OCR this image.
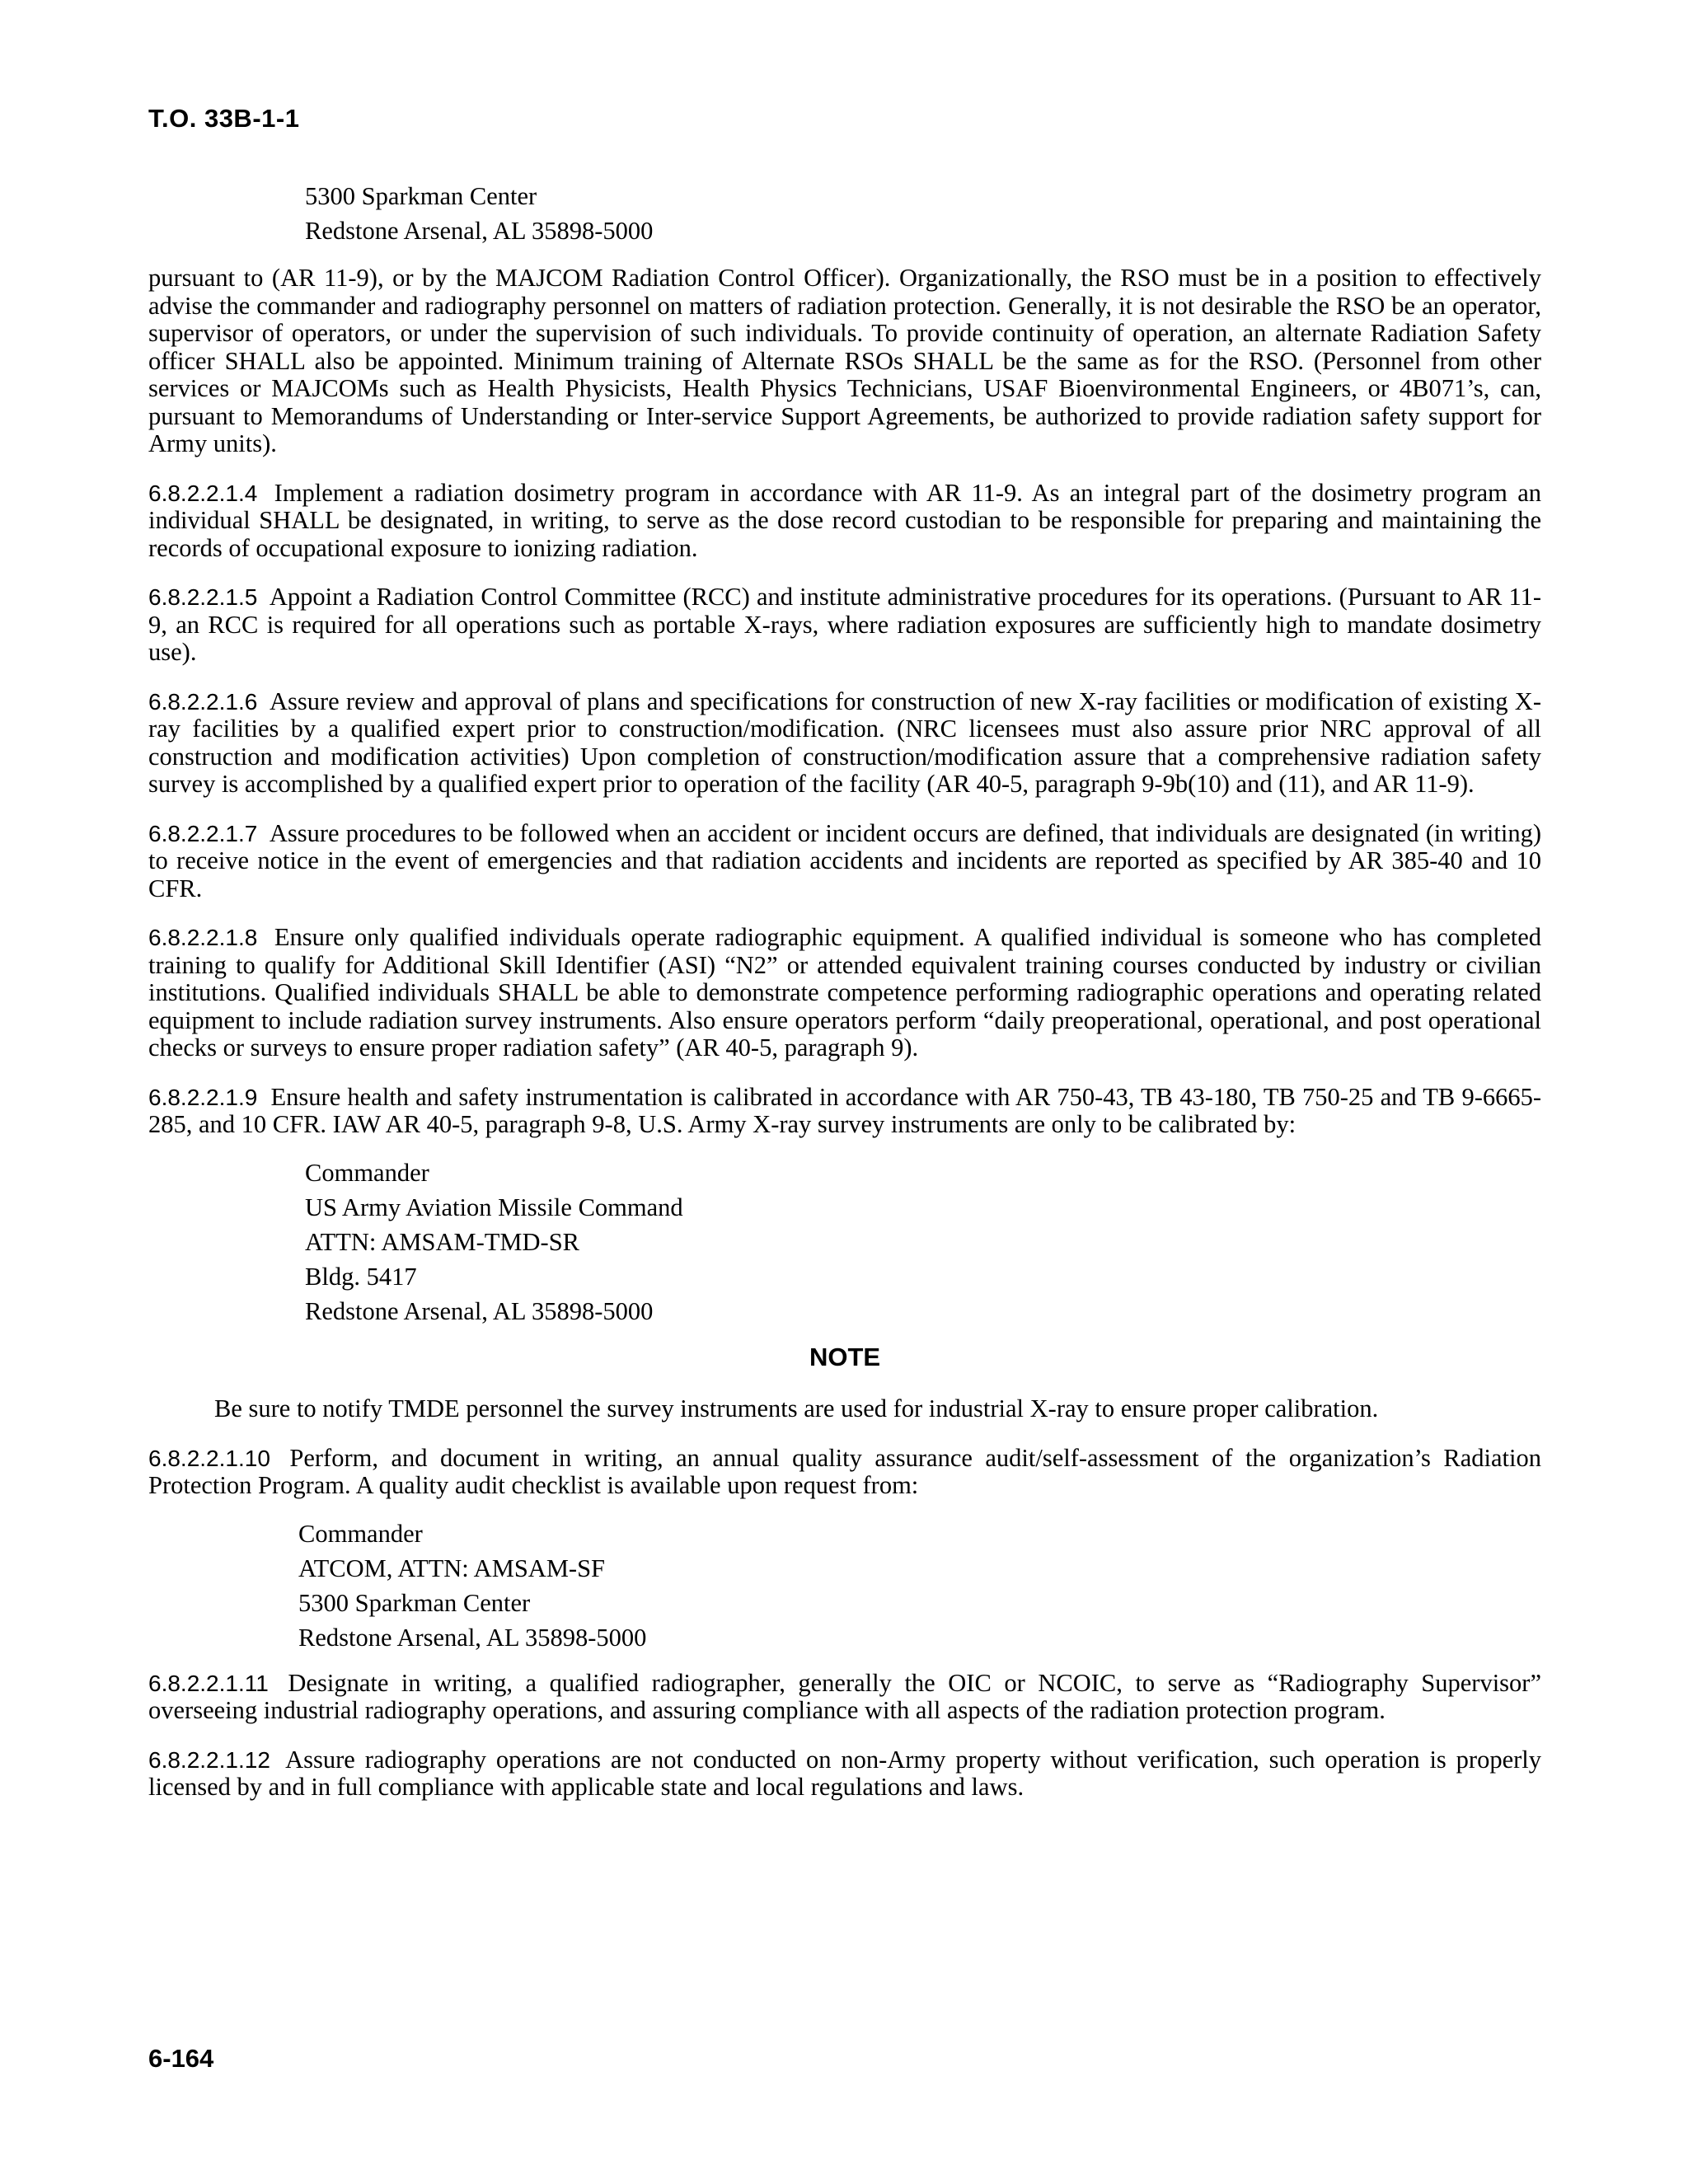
T.O. 33B-1-1
5300 Sparkman Center
Redstone Arsenal, AL 35898-5000

pursuant to (AR 11-9), or by the MAJCOM Radiation Control Officer). Organizationally, the RSO must be in a position to effectively advise the commander and radiography personnel on matters of radiation protection. Generally, it is not desirable the RSO be an operator, supervisor of operators, or under the supervision of such individuals. To provide continuity of operation, an alternate Radiation Safety officer SHALL also be appointed. Minimum training of Alternate RSOs SHALL be the same as for the RSO. (Personnel from other services or MAJCOMs such as Health Physicists, Health Physics Technicians, USAF Bioenvironmental Engineers, or 4B071’s, can, pursuant to Memorandums of Understanding or Inter-service Support Agreements, be authorized to provide radiation safety support for Army units).

6.8.2.2.1.4 Implement a radiation dosimetry program in accordance with AR 11-9. As an integral part of the dosimetry program an individual SHALL be designated, in writing, to serve as the dose record custodian to be responsible for preparing and maintaining the records of occupational exposure to ionizing radiation.

6.8.2.2.1.5 Appoint a Radiation Control Committee (RCC) and institute administrative procedures for its operations. (Pursuant to AR 11-9, an RCC is required for all operations such as portable X-rays, where radiation exposures are sufficiently high to mandate dosimetry use).

6.8.2.2.1.6 Assure review and approval of plans and specifications for construction of new X-ray facilities or modification of existing X-ray facilities by a qualified expert prior to construction/modification. (NRC licensees must also assure prior NRC approval of all construction and modification activities) Upon completion of construction/modification assure that a comprehensive radiation safety survey is accomplished by a qualified expert prior to operation of the facility (AR 40-5, paragraph 9-9b(10) and (11), and AR 11-9).

6.8.2.2.1.7 Assure procedures to be followed when an accident or incident occurs are defined, that individuals are designated (in writing) to receive notice in the event of emergencies and that radiation accidents and incidents are reported as specified by AR 385-40 and 10 CFR.

6.8.2.2.1.8 Ensure only qualified individuals operate radiographic equipment. A qualified individual is someone who has completed training to qualify for Additional Skill Identifier (ASI) “N2” or attended equivalent training courses conducted by industry or civilian institutions. Qualified individuals SHALL be able to demonstrate competence performing radiographic operations and operating related equipment to include radiation survey instruments. Also ensure operators perform “daily preoperational, operational, and post operational checks or surveys to ensure proper radiation safety” (AR 40-5, paragraph 9).

6.8.2.2.1.9 Ensure health and safety instrumentation is calibrated in accordance with AR 750-43, TB 43-180, TB 750-25 and TB 9-6665-285, and 10 CFR. IAW AR 40-5, paragraph 9-8, U.S. Army X-ray survey instruments are only to be calibrated by:

Commander
US Army Aviation Missile Command
ATTN: AMSAM-TMD-SR
Bldg. 5417
Redstone Arsenal, AL 35898-5000
NOTE
Be sure to notify TMDE personnel the survey instruments are used for industrial X-ray to ensure proper calibration.

6.8.2.2.1.10 Perform, and document in writing, an annual quality assurance audit/self-assessment of the organization’s Radiation Protection Program. A quality audit checklist is available upon request from:

Commander
ATCOM, ATTN: AMSAM-SF
5300 Sparkman Center
Redstone Arsenal, AL 35898-5000

6.8.2.2.1.11 Designate in writing, a qualified radiographer, generally the OIC or NCOIC, to serve as “Radiography Supervisor” overseeing industrial radiography operations, and assuring compliance with all aspects of the radiation protection program.

6.8.2.2.1.12 Assure radiography operations are not conducted on non-Army property without verification, such operation is properly licensed by and in full compliance with applicable state and local regulations and laws.

6-164
